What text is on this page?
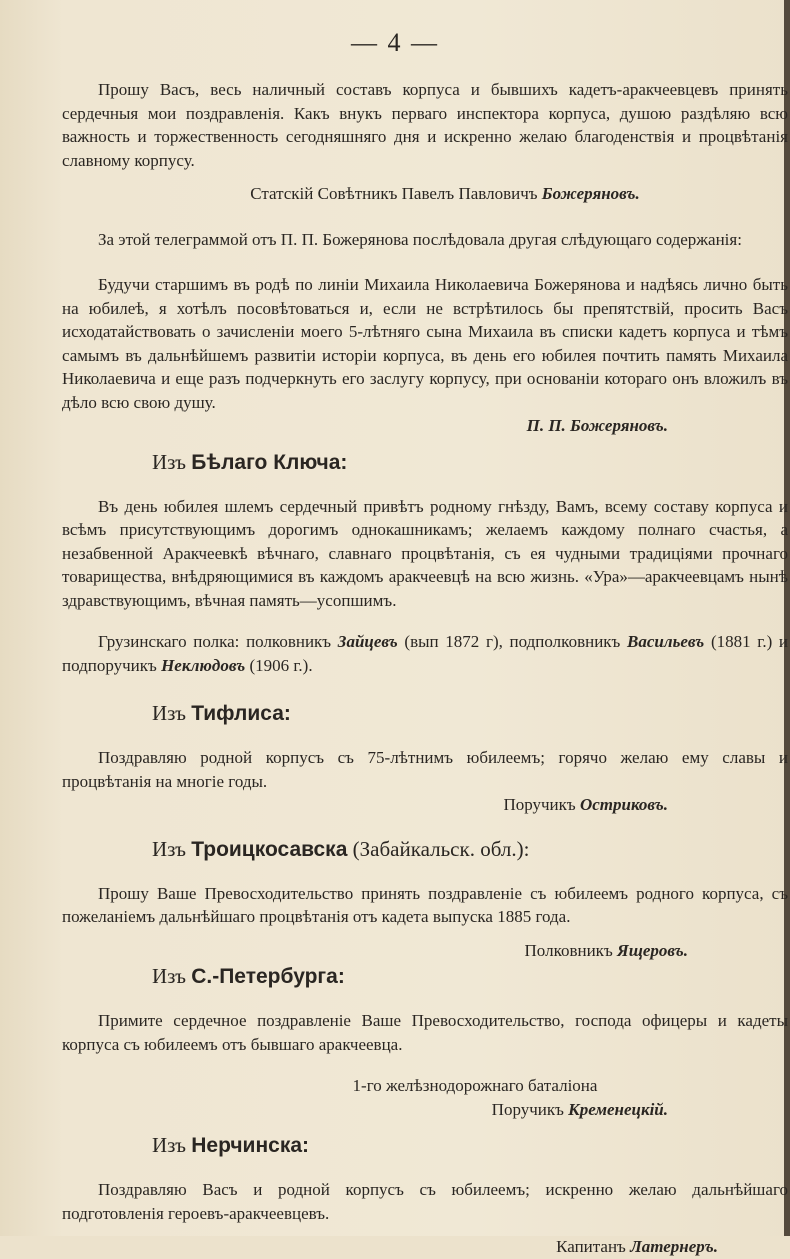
— 4 —

Прошу Васъ, весь наличный составъ корпуса и бывшихъ кадетъ-аракчеевцевъ принять сердечныя мои поздравленія. Какъ внукъ перваго инспектора корпуса, душою раздѣляю всю важность и торжественность сегодняшняго дня и искренно желаю благоденствія и процвѣтанія славному корпусу.

Статскій Совѣтникъ Павелъ Павловичъ Божеряновъ.

За этой телеграммой отъ П. П. Божерянова послѣдовала другая слѣдующаго содержанія:

Будучи старшимъ въ родѣ по линіи Михаила Николаевича Божерянова и надѣясь лично быть на юбилеѣ, я хотѣлъ посовѣтоваться и, если не встрѣтилось бы препятствій, просить Васъ исходатайствовать о зачисленіи моего 5-лѣтняго сына Михаила въ списки кадетъ корпуса и тѣмъ самымъ въ дальнѣйшемъ развитіи исторіи корпуса, въ день его юбилея почтить память Михаила Николаевича и еще разъ подчеркнуть его заслугу корпусу, при основаніи котораго онъ вложилъ въ дѣло всю свою душу.

П. П. Божеряновъ.

Изъ Бѣлаго Ключа:

Въ день юбилея шлемъ сердечный привѣтъ родному гнѣзду, Вамъ, всему составу корпуса и всѣмъ присутствующимъ дорогимъ однокашникамъ; желаемъ каждому полнаго счастья, а незабвенной Аракчеевкѣ вѣчнаго, славнаго процвѣтанія, съ ея чудными традиціями прочнаго товарищества, внѣдряющимися въ каждомъ аракчеевцѣ на всю жизнь. «Ура»—аракчеевцамъ нынѣ здравствующимъ, вѣчная память—усопшимъ.

Грузинскаго полка: полковникъ Зайцевъ (вып 1872 г), подполковникъ Васильевъ (1881 г.) и подпоручикъ Неклюдовъ (1906 г.).

Изъ Тифлиса:

Поздравляю родной корпусъ съ 75-лѣтнимъ юбилеемъ; горячо желаю ему славы и процвѣтанія на многіе годы.

Поручикъ Остриковъ.

Изъ Троицкосавска (Забайкальск. обл.):

Прошу Ваше Превосходительство принять поздравленіе съ юбилеемъ родного корпуса, съ пожеланіемъ дальнѣйшаго процвѣтанія отъ кадета выпуска 1885 года.

Полковникъ Ящеровъ.

Изъ С.-Петербурга:

Примите сердечное поздравленіе Ваше Превосходительство, господа офицеры и кадеты корпуса съ юбилеемъ отъ бывшаго аракчеевца.

1-го желѣзнодорожнаго баталіона

Поручикъ Кременецкій.

Изъ Нерчинска:

Поздравляю Васъ и родной корпусъ съ юбилеемъ; искренно желаю дальнѣйшаго подготовленія героевъ-аракчеевцевъ.

Капитанъ Латернеръ.
